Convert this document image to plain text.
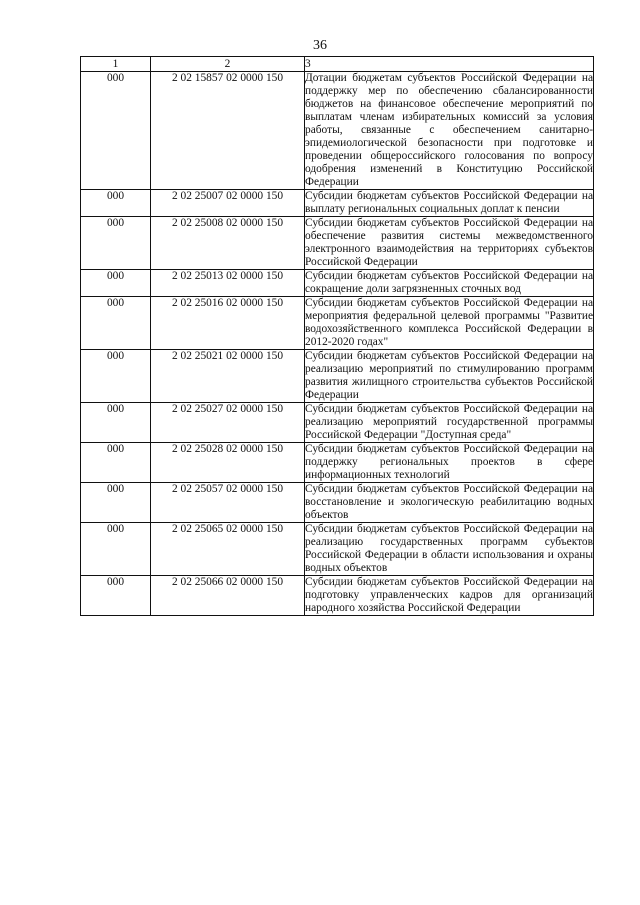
36
1	2	3
000	2 02 15857 02 0000 150	Дотации бюджетам субъектов Российской Федерации на поддержку мер по обеспечению сбалансированности бюджетов на финансовое обеспечение мероприятий по выплатам членам избирательных комиссий за условия работы, связанные с обеспечением санитарно-эпидемиологической безопасности при подготовке и проведении общероссийского голосования по вопросу одобрения изменений в Конституцию Российской Федерации
000	2 02 25007 02 0000 150	Субсидии бюджетам субъектов Российской Федерации на выплату региональных социальных доплат к пенсии
000	2 02 25008 02 0000 150	Субсидии бюджетам субъектов Российской Федерации на обеспечение развития системы межведомственного электронного взаимодействия на территориях субъектов Российской Федерации
000	2 02 25013 02 0000 150	Субсидии бюджетам субъектов Российской Федерации на сокращение доли загрязненных сточных вод
000	2 02 25016 02 0000 150	Субсидии бюджетам субъектов Российской Федерации на мероприятия федеральной целевой программы "Развитие водохозяйственного комплекса Российской Федерации в 2012-2020 годах"
000	2 02 25021 02 0000 150	Субсидии бюджетам субъектов Российской Федерации на реализацию мероприятий по стимулированию программ развития жилищного строительства субъектов Российской Федерации
000	2 02 25027 02 0000 150	Субсидии бюджетам субъектов Российской Федерации на реализацию мероприятий государственной программы Российской Федерации "Доступная среда"
000	2 02 25028 02 0000 150	Субсидии бюджетам субъектов Российской Федерации на поддержку региональных проектов в сфере информационных технологий
000	2 02 25057 02 0000 150	Субсидии бюджетам субъектов Российской Федерации на восстановление и экологическую реабилитацию водных объектов
000	2 02 25065 02 0000 150	Субсидии бюджетам субъектов Российской Федерации на реализацию государственных программ субъектов Российской Федерации в области использования и охраны водных объектов
000	2 02 25066 02 0000 150	Субсидии бюджетам субъектов Российской Федерации на подготовку управленческих кадров для организаций народного хозяйства Российской Федерации
